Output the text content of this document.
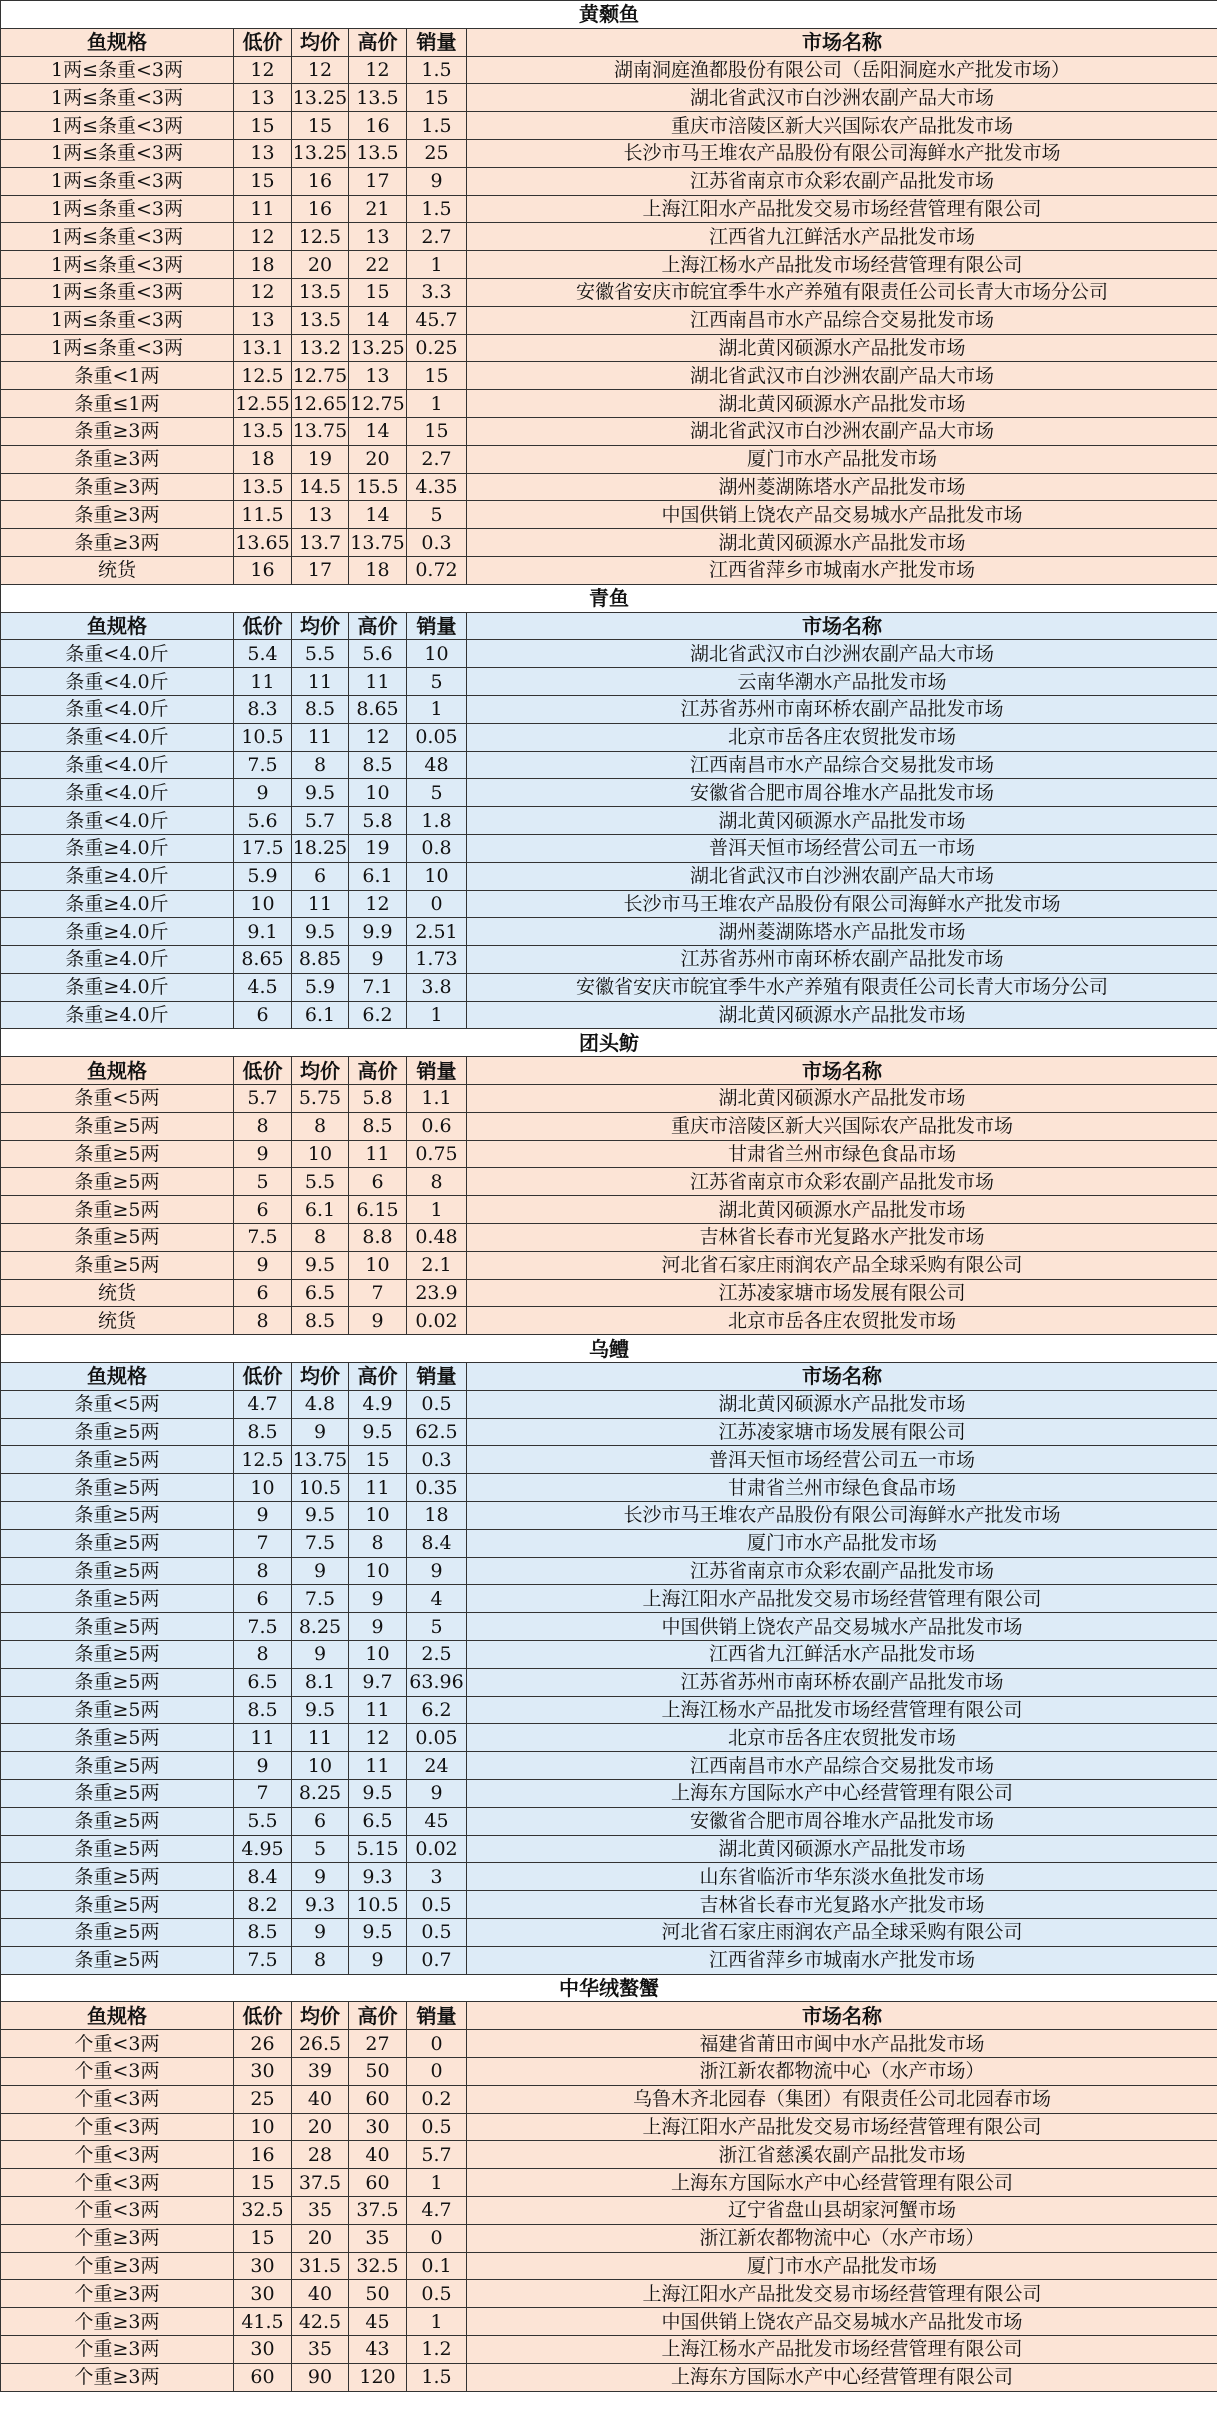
黄颡鱼					
鱼规格	低价	均价	高价	销量	市场名称
1两≤条重<3两	12	12	12	1.5	湖南洞庭渔都股份有限公司（岳阳洞庭水产批发市场）
1两≤条重<3两	13	13.25	13.5	15	湖北省武汉市白沙洲农副产品大市场
1两≤条重<3两	15	15	16	1.5	重庆市涪陵区新大兴国际农产品批发市场
1两≤条重<3两	13	13.25	13.5	25	长沙市马王堆农产品股份有限公司海鲜水产批发市场
1两≤条重<3两	15	16	17	9	江苏省南京市众彩农副产品批发市场
1两≤条重<3两	11	16	21	1.5	上海江阳水产品批发交易市场经营管理有限公司
1两≤条重<3两	12	12.5	13	2.7	江西省九江鲜活水产品批发市场
1两≤条重<3两	18	20	22	1	上海江杨水产品批发市场经营管理有限公司
1两≤条重<3两	12	13.5	15	3.3	安徽省安庆市皖宜季牛水产养殖有限责任公司长青大市场分公司
1两≤条重<3两	13	13.5	14	45.7	江西南昌市水产品综合交易批发市场
1两≤条重<3两	13.1	13.2	13.25	0.25	湖北黄冈硕源水产品批发市场
条重<1两	12.5	12.75	13	15	湖北省武汉市白沙洲农副产品大市场
条重≤1两	12.55	12.65	12.75	1	湖北黄冈硕源水产品批发市场
条重≥3两	13.5	13.75	14	15	湖北省武汉市白沙洲农副产品大市场
条重≥3两	18	19	20	2.7	厦门市水产品批发市场
条重≥3两	13.5	14.5	15.5	4.35	湖州菱湖陈塔水产品批发市场
条重≥3两	11.5	13	14	5	中国供销上饶农产品交易城水产品批发市场
条重≥3两	13.65	13.7	13.75	0.3	湖北黄冈硕源水产品批发市场
统货	16	17	18	0.72	江西省萍乡市城南水产批发市场
青鱼					
鱼规格	低价	均价	高价	销量	市场名称
条重<4.0斤	5.4	5.5	5.6	10	湖北省武汉市白沙洲农副产品大市场
条重<4.0斤	11	11	11	5	云南华潮水产品批发市场
条重<4.0斤	8.3	8.5	8.65	1	江苏省苏州市南环桥农副产品批发市场
条重<4.0斤	10.5	11	12	0.05	北京市岳各庄农贸批发市场
条重<4.0斤	7.5	8	8.5	48	江西南昌市水产品综合交易批发市场
条重<4.0斤	9	9.5	10	5	安徽省合肥市周谷堆水产品批发市场
条重<4.0斤	5.6	5.7	5.8	1.8	湖北黄冈硕源水产品批发市场
条重≥4.0斤	17.5	18.25	19	0.8	普洱天恒市场经营公司五一市场
条重≥4.0斤	5.9	6	6.1	10	湖北省武汉市白沙洲农副产品大市场
条重≥4.0斤	10	11	12	0	长沙市马王堆农产品股份有限公司海鲜水产批发市场
条重≥4.0斤	9.1	9.5	9.9	2.51	湖州菱湖陈塔水产品批发市场
条重≥4.0斤	8.65	8.85	9	1.73	江苏省苏州市南环桥农副产品批发市场
条重≥4.0斤	4.5	5.9	7.1	3.8	安徽省安庆市皖宜季牛水产养殖有限责任公司长青大市场分公司
条重≥4.0斤	6	6.1	6.2	1	湖北黄冈硕源水产品批发市场
团头鲂					
鱼规格	低价	均价	高价	销量	市场名称
条重<5两	5.7	5.75	5.8	1.1	湖北黄冈硕源水产品批发市场
条重≥5两	8	8	8.5	0.6	重庆市涪陵区新大兴国际农产品批发市场
条重≥5两	9	10	11	0.75	甘肃省兰州市绿色食品市场
条重≥5两	5	5.5	6	8	江苏省南京市众彩农副产品批发市场
条重≥5两	6	6.1	6.15	1	湖北黄冈硕源水产品批发市场
条重≥5两	7.5	8	8.8	0.48	吉林省长春市光复路水产批发市场
条重≥5两	9	9.5	10	2.1	河北省石家庄雨润农产品全球采购有限公司
统货	6	6.5	7	23.9	江苏凌家塘市场发展有限公司
统货	8	8.5	9	0.02	北京市岳各庄农贸批发市场
乌鳢					
鱼规格	低价	均价	高价	销量	市场名称
条重<5两	4.7	4.8	4.9	0.5	湖北黄冈硕源水产品批发市场
条重≥5两	8.5	9	9.5	62.5	江苏凌家塘市场发展有限公司
条重≥5两	12.5	13.75	15	0.3	普洱天恒市场经营公司五一市场
条重≥5两	10	10.5	11	0.35	甘肃省兰州市绿色食品市场
条重≥5两	9	9.5	10	18	长沙市马王堆农产品股份有限公司海鲜水产批发市场
条重≥5两	7	7.5	8	8.4	厦门市水产品批发市场
条重≥5两	8	9	10	9	江苏省南京市众彩农副产品批发市场
条重≥5两	6	7.5	9	4	上海江阳水产品批发交易市场经营管理有限公司
条重≥5两	7.5	8.25	9	5	中国供销上饶农产品交易城水产品批发市场
条重≥5两	8	9	10	2.5	江西省九江鲜活水产品批发市场
条重≥5两	6.5	8.1	9.7	63.96	江苏省苏州市南环桥农副产品批发市场
条重≥5两	8.5	9.5	11	6.2	上海江杨水产品批发市场经营管理有限公司
条重≥5两	11	11	12	0.05	北京市岳各庄农贸批发市场
条重≥5两	9	10	11	24	江西南昌市水产品综合交易批发市场
条重≥5两	7	8.25	9.5	9	上海东方国际水产中心经营管理有限公司
条重≥5两	5.5	6	6.5	45	安徽省合肥市周谷堆水产品批发市场
条重≥5两	4.95	5	5.15	0.02	湖北黄冈硕源水产品批发市场
条重≥5两	8.4	9	9.3	3	山东省临沂市华东淡水鱼批发市场
条重≥5两	8.2	9.3	10.5	0.5	吉林省长春市光复路水产批发市场
条重≥5两	8.5	9	9.5	0.5	河北省石家庄雨润农产品全球采购有限公司
条重≥5两	7.5	8	9	0.7	江西省萍乡市城南水产批发市场
中华绒螯蟹					
鱼规格	低价	均价	高价	销量	市场名称
个重<3两	26	26.5	27	0	福建省莆田市闽中水产品批发市场
个重<3两	30	39	50	0	浙江新农都物流中心（水产市场）
个重<3两	25	40	60	0.2	乌鲁木齐北园春（集团）有限责任公司北园春市场
个重<3两	10	20	30	0.5	上海江阳水产品批发交易市场经营管理有限公司
个重<3两	16	28	40	5.7	浙江省慈溪农副产品批发市场
个重<3两	15	37.5	60	1	上海东方国际水产中心经营管理有限公司
个重<3两	32.5	35	37.5	4.7	辽宁省盘山县胡家河蟹市场
个重≥3两	15	20	35	0	浙江新农都物流中心（水产市场）
个重≥3两	30	31.5	32.5	0.1	厦门市水产品批发市场
个重≥3两	30	40	50	0.5	上海江阳水产品批发交易市场经营管理有限公司
个重≥3两	41.5	42.5	45	1	中国供销上饶农产品交易城水产品批发市场
个重≥3两	30	35	43	1.2	上海江杨水产品批发市场经营管理有限公司
个重≥3两	60	90	120	1.5	上海东方国际水产中心经营管理有限公司
